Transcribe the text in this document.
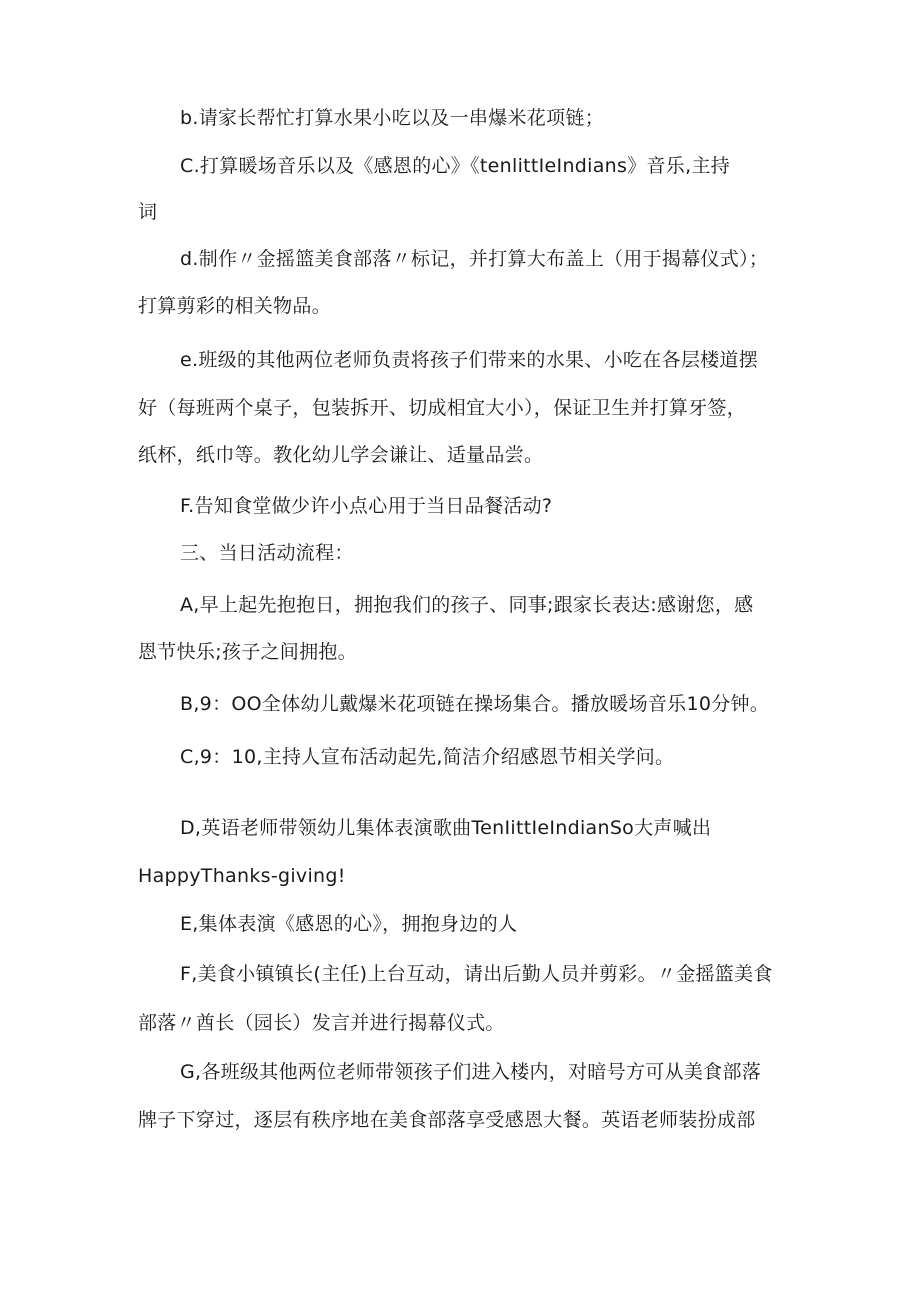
b.请家长帮忙打算水果小吃以及一串爆米花项链；
C.打算暖场音乐以及《感恩的心》《tenlittIeIndians》音乐,主持
词
d.制作〃金摇篮美食部落〃标记，并打算大布盖上（用于揭幕仪式）；
打算剪彩的相关物品。
e.班级的其他两位老师负责将孩子们带来的水果、小吃在各层楼道摆
好（每班两个桌子，包装拆开、切成相宜大小），保证卫生并打算牙签，
纸杯，纸巾等。教化幼儿学会谦让、适量品尝。
F.告知食堂做少许小点心用于当日品餐活动?
三、当日活动流程：
A,早上起先抱抱日，拥抱我们的孩子、同事;跟家长表达:感谢您，感
恩节快乐;孩子之间拥抱。
B,9：OO全体幼儿戴爆米花项链在操场集合。播放暖场音乐10分钟。
C,9：10,主持人宣布活动起先,简洁介绍感恩节相关学问。
D,英语老师带领幼儿集体表演歌曲TenIittIeIndianSo大声喊出
HappyThanks-giving!
E,集体表演《感恩的心》，拥抱身边的人
F,美食小镇镇长(主任)上台互动，请出后勤人员并剪彩。〃金摇篮美食
部落〃酋长（园长）发言并进行揭幕仪式。
G,各班级其他两位老师带领孩子们进入楼内，对暗号方可从美食部落
牌子下穿过，逐层有秩序地在美食部落享受感恩大餐。英语老师装扮成部
